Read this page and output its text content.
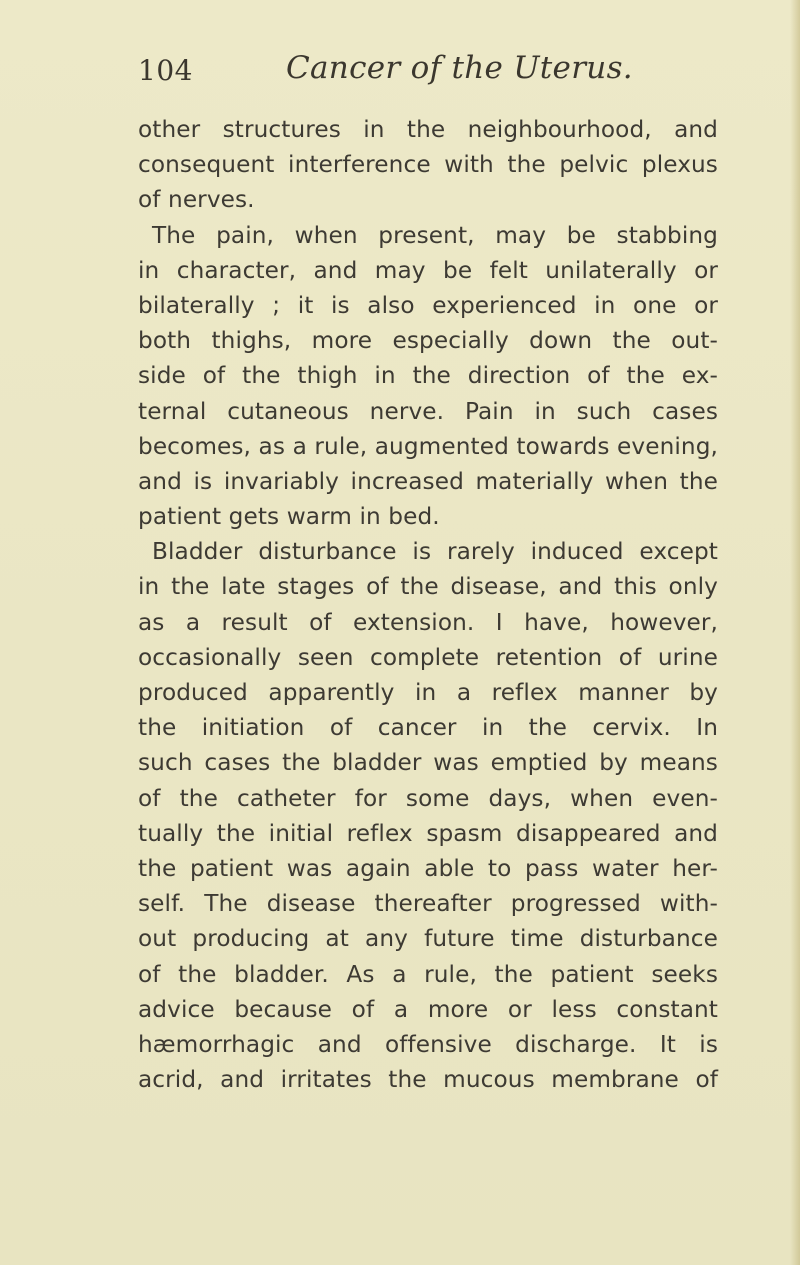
104	Cancer of the Uterus.
other structures in the neighbourhood, and
consequent interference with the pelvic plexus
of nerves.
The pain, when present, may be stabbing
in character, and may be felt unilaterally or
bilaterally ; it is also experienced in one or
both thighs, more especially down the out-
side of the thigh in the direction of the ex-
ternal cutaneous nerve. Pain in such cases
becomes, as a rule, augmented towards evening,
and is invariably increased materially when the
patient gets warm in bed.
Bladder disturbance is rarely induced except
in the late stages of the disease, and this only
as a result of extension. I have, however,
occasionally seen complete retention of urine
produced apparently in a reflex manner by
the initiation of cancer in the cervix. In
such cases the bladder was emptied by means
of the catheter for some days, when even-
tually the initial reflex spasm disappeared and
the patient was again able to pass water her-
self. The disease thereafter progressed with-
out producing at any future time disturbance
of the bladder. As a rule, the patient seeks
advice because of a more or less constant
hæmorrhagic and offensive discharge. It is
acrid, and irritates the mucous membrane of
